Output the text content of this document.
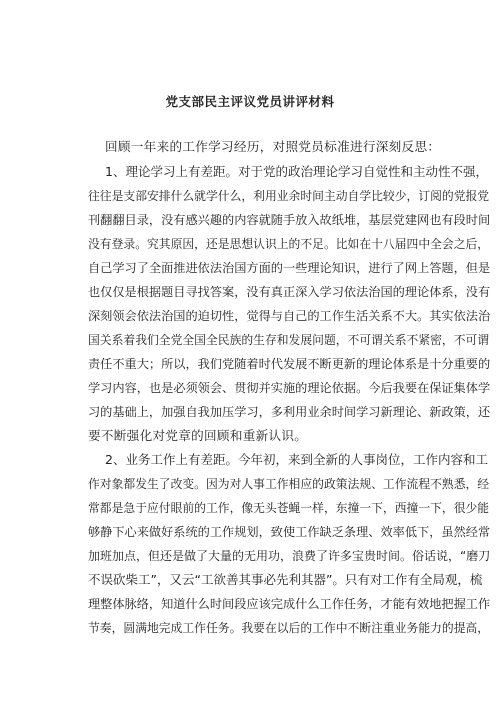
党支部民主评议党员讲评材料
回顾一年来的工作学习经历，对照党员标准进行深刻反思：
1、理论学习上有差距。对于党的政治理论学习自觉性和主动性不强，
往往是支部安排什么就学什么，利用业余时间主动自学比较少，订阅的党报党
刊翻翻目录，没有感兴趣的内容就随手放入故纸堆，基层党建网也有段时间
没有登录。究其原因，还是思想认识上的不足。比如在十八届四中全会之后，
自己学习了全面推进依法治国方面的一些理论知识，进行了网上答题，但是
也仅仅是根据题目寻找答案，没有真正深入学习依法治国的理论体系，没有
深刻领会依法治国的迫切性，觉得与自己的工作生活关系不大。其实依法治
国关系着我们全党全国全民族的生存和发展问题，不可谓关系不紧密，不可谓
责任不重大；所以，我们党随着时代发展不断更新的理论体系是十分重要的
学习内容，也是必须领会、贯彻并实施的理论依据。今后我要在保证集体学
习的基础上，加强自我加压学习，多利用业余时间学习新理论、新政策，还
要不断强化对党章的回顾和重新认识。
2、业务工作上有差距。今年初，来到全新的人事岗位，工作内容和工
作对象都发生了改变。因为对人事工作相应的政策法规、工作流程不熟悉，经
常都是急于应付眼前的工作，像无头苍蝇一样，东撞一下，西撞一下，很少能
够静下心来做好系统的工作规划，致使工作缺乏条理、效率低下，虽然经常
加班加点，但还是做了大量的无用功，浪费了许多宝贵时间。俗话说，“磨刀
不误砍柴工”，又云“工欲善其事必先利其器”。只有对工作有全局观，梳
理整体脉络，知道什么时间段应该完成什么工作任务，才能有效地把握工作
节奏，圆满地完成工作任务。我要在以后的工作中不断注重业务能力的提高，
